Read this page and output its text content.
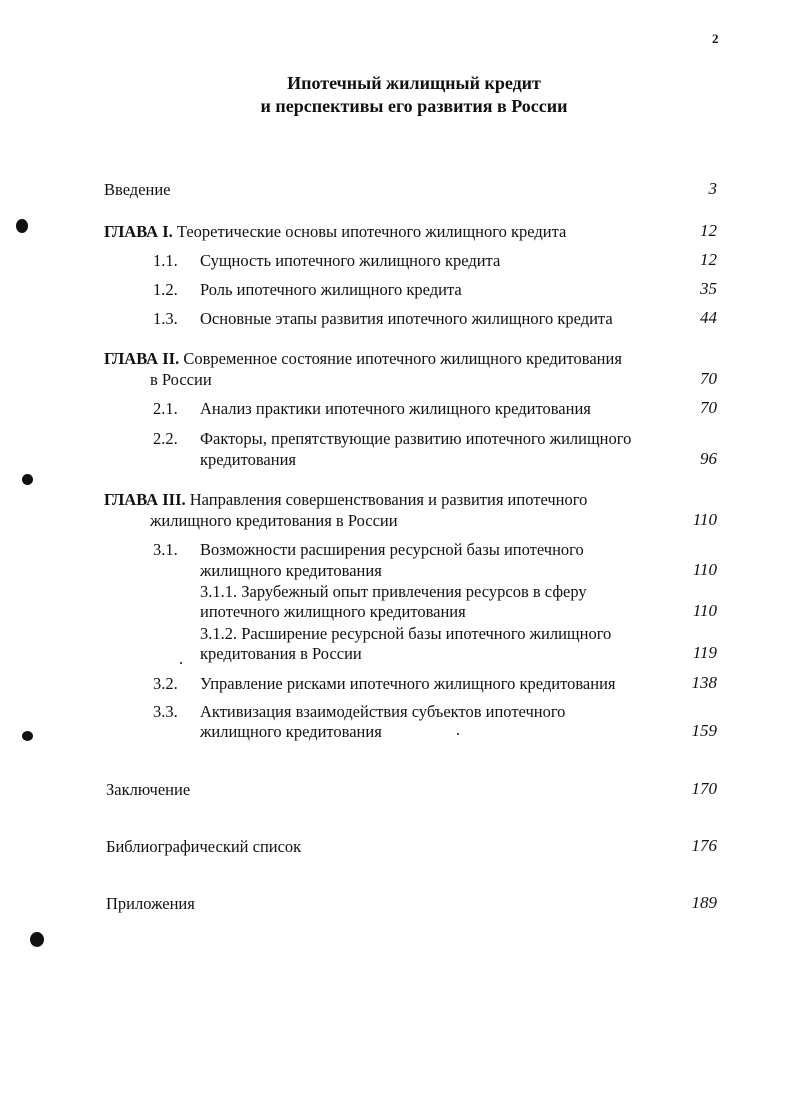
2
Ипотечный жилищный кредит
и перспективы его развития в России
Введение	3
ГЛАВА I. Теоретические основы ипотечного жилищного кредита	12
1.1. Сущность ипотечного жилищного кредита	12
1.2. Роль ипотечного жилищного кредита	35
1.3. Основные этапы развития ипотечного жилищного кредита	44
ГЛАВА II. Современное состояние ипотечного жилищного кредитования
в России	70
2.1. Анализ практики ипотечного жилищного кредитования	70
2.2. Факторы, препятствующие развитию ипотечного жилищного
кредитования	96
ГЛАВА III. Направления совершенствования и развития ипотечного
жилищного кредитования в России	110
3.1. Возможности расширения ресурсной базы ипотечного
жилищного кредитования	110
3.1.1. Зарубежный опыт привлечения ресурсов в сферу
ипотечного жилищного кредитования	110
3.1.2. Расширение ресурсной базы ипотечного жилищного
кредитования в России	119
3.2. Управление рисками ипотечного жилищного кредитования	138
3.3. Активизация взаимодействия субъектов ипотечного
жилищного кредитования	159
Заключение	170
Библиографический список	176
Приложения	189
